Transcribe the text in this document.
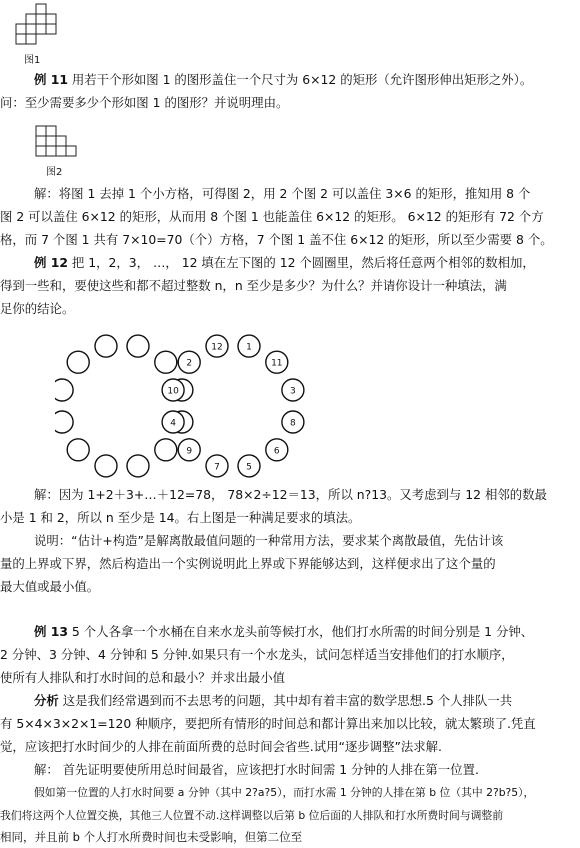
图1
例 11 用若干个形如图 1 的图形盖住一个尺寸为 6×12 的矩形（允许图形伸出矩形之外）。
问：至少需要多少个形如图 1 的图形？并说明理由。
图2
解：将图 1 去掉 1 个小方格，可得图 2，用 2 个图 2 可以盖住 3×6 的矩形，推知用 8 个
图 2 可以盖住 6×12 的矩形，从而用 8 个图 1 也能盖住 6×12 的矩形。 6×12 的矩形有 72 个方
格，而 7 个图 1 共有 7×10=70（个）方格，7 个图 1 盖不住 6×12 的矩形，所以至少需要 8 个。
例 12 把 1，2，3， …， 12 填在左下图的 12 个圆圈里，然后将任意两个相邻的数相加，
得到一些和，要使这些和都不超过整数 n，n 至少是多少？为什么？并请你设计一种填法，满
足你的结论。
12	1
11
3
8
6
5
7
9
4
10
2
解：因为 1+2＋3+…＋12=78， 78×2÷12＝13，所以 n?13。又考虑到与 12 相邻的数最
小是 1 和 2，所以 n 至少是 14。右上图是一种满足要求的填法。
说明：“估计+构造”是解离散最值问题的一种常用方法，要求某个离散最值，先估计该
量的上界或下界，然后构造出一个实例说明此上界或下界能够达到，这样便求出了这个量的
最大值或最小值。
例 13 5 个人各拿一个水桶在自来水龙头前等候打水，他们打水所需的时间分别是 1 分钟、
2 分钟、3 分钟、4 分钟和 5 分钟.如果只有一个水龙头，试问怎样适当安排他们的打水顺序，
使所有人排队和打水时间的总和最小？并求出最小值
分析 这是我们经常遇到而不去思考的问题，其中却有着丰富的数学思想.5 个人排队一共
有 5×4×3×2×1=120 种顺序，要把所有情形的时间总和都计算出来加以比较，就太繁琐了.凭直
觉，应该把打水时间少的人排在前面所费的总时间会省些.试用“逐步调整”法求解.
解： 首先证明要使所用总时间最省，应该把打水时间需 1 分钟的人排在第一位置.
假如第一位置的人打水时间要 a 分钟（其中 2?a?5），而打水需 1 分钟的人排在第 b 位（其中 2?b?5），
我们将这两个人位置交换，其他三人位置不动.这样调整以后第 b 位后面的人排队和打水所费时间与调整前
相同，并且前 b 个人打水所费时间也未受影响，但第二位至
